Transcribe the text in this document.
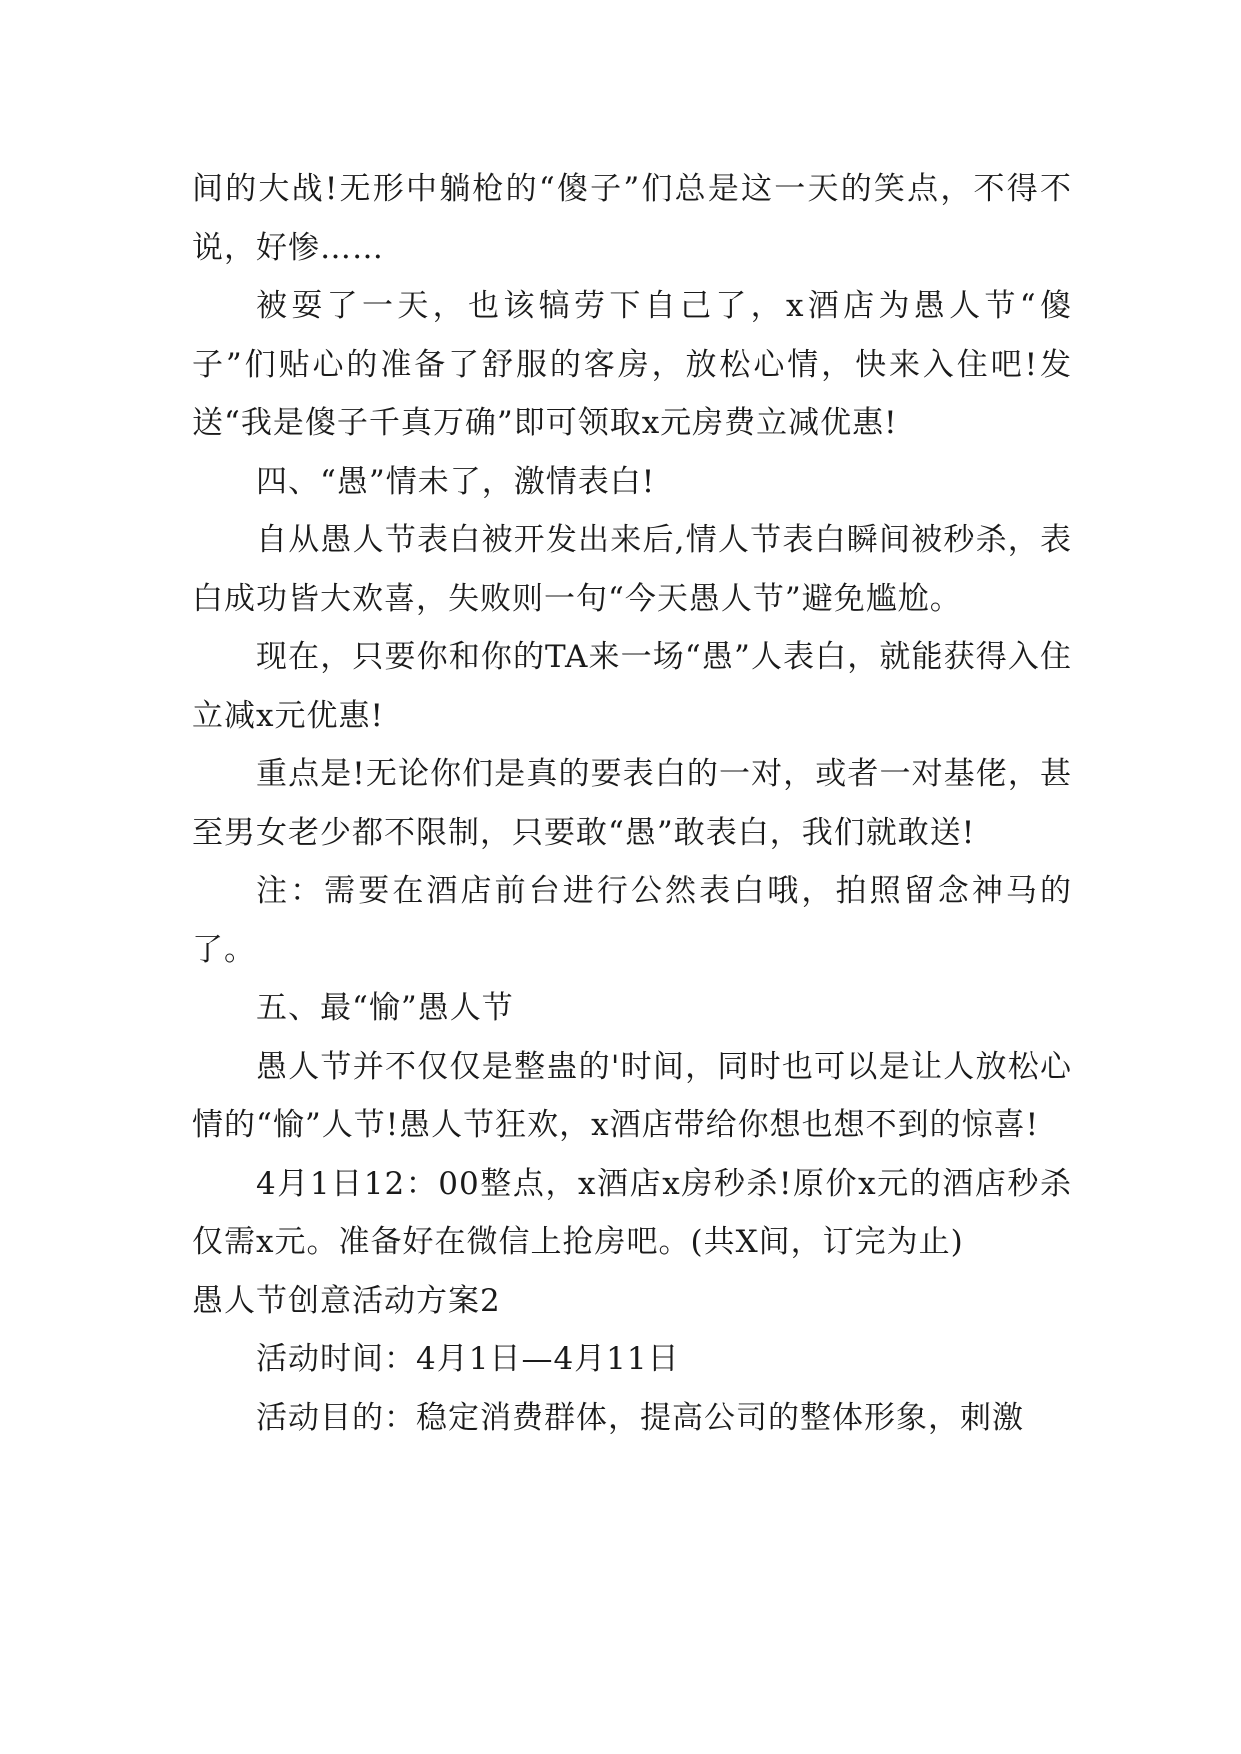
间的大战!无形中躺枪的“傻子”们总是这一天的笑点，不得不说，好惨……

被耍了一天，也该犒劳下自己了，x酒店为愚人节“傻子”们贴心的准备了舒服的客房，放松心情，快来入住吧!发送“我是傻子千真万确”即可领取x元房费立减优惠!

四、“愚”情未了，激情表白!

自从愚人节表白被开发出来后,情人节表白瞬间被秒杀，表白成功皆大欢喜，失败则一句“今天愚人节”避免尴尬。

现在，只要你和你的TA来一场“愚”人表白，就能获得入住立减x元优惠!

重点是!无论你们是真的要表白的一对，或者一对基佬，甚至男女老少都不限制，只要敢“愚”敢表白，我们就敢送!

注：需要在酒店前台进行公然表白哦，拍照留念神马的了。

五、最“愉”愚人节

愚人节并不仅仅是整蛊的'时间，同时也可以是让人放松心情的“愉”人节!愚人节狂欢，x酒店带给你想也想不到的惊喜!

4月1日12：00整点，x酒店x房秒杀!原价x元的酒店秒杀仅需x元。准备好在微信上抢房吧。(共X间，订完为止)

愚人节创意活动方案2

活动时间：4月1日—4月11日

活动目的：稳定消费群体，提高公司的整体形象，刺激
